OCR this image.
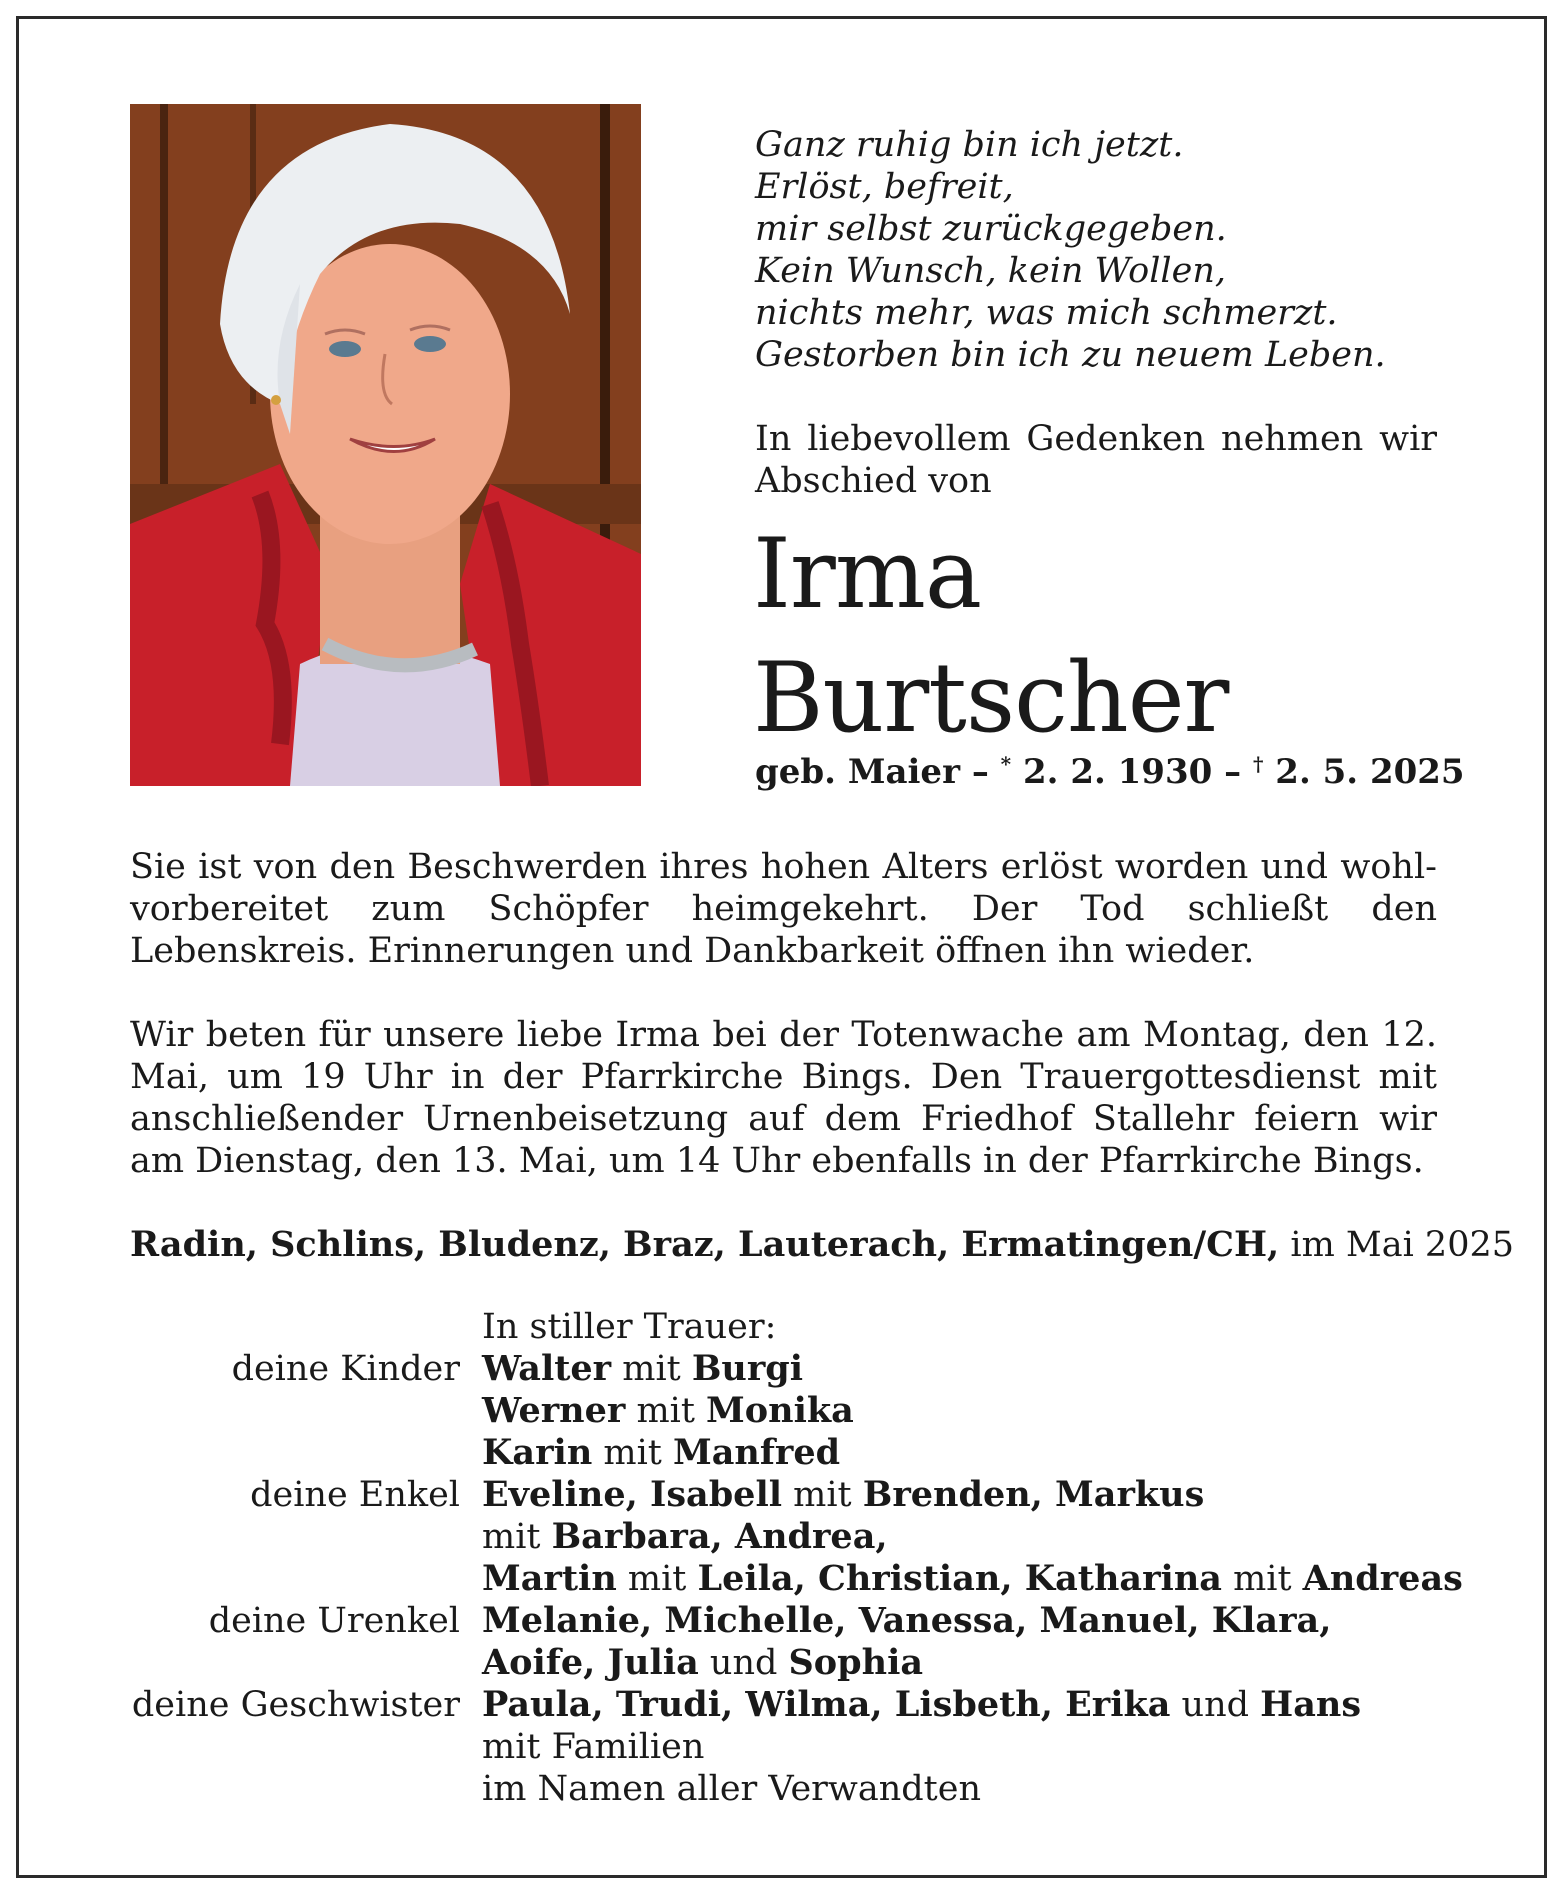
Ganz ruhig bin ich jetzt.
Erlöst, befreit,
mir selbst zurückgegeben.
Kein Wunsch, kein Wollen,
nichts mehr, was mich schmerzt.
Gestorben bin ich zu neuem Leben.
In liebevollem Gedenken nehmen wir Abschied von
Irma
Burtscher
geb. Maier – * 2. 2. 1930 – † 2. 5. 2025
Sie ist von den Beschwerden ihres hohen Alters erlöst worden und wohlvorbereitet zum Schöpfer heimgekehrt. Der Tod schließt den Lebenskreis. Erinnerungen und Dankbarkeit öffnen ihn wieder.
Wir beten für unsere liebe Irma bei der Totenwache am Montag, den 12. Mai, um 19 Uhr in der Pfarrkirche Bings. Den Trauergottesdienst mit anschließender Urnenbeisetzung auf dem Friedhof Stallehr feiern wir am Dienstag, den 13. Mai, um 14 Uhr ebenfalls in der Pfarrkirche Bings.
Radin, Schlins, Bludenz, Braz, Lauterach, Ermatingen/CH, im Mai 2025
In stiller Trauer:
deine Kinder Walter mit Burgi
Werner mit Monika
Karin mit Manfred
deine Enkel Eveline, Isabell mit Brenden, Markus
mit Barbara, Andrea,
Martin mit Leila, Christian, Katharina mit Andreas
deine Urenkel Melanie, Michelle, Vanessa, Manuel, Klara,
Aoife, Julia und Sophia
deine Geschwister Paula, Trudi, Wilma, Lisbeth, Erika und Hans
mit Familien
im Namen aller Verwandten
